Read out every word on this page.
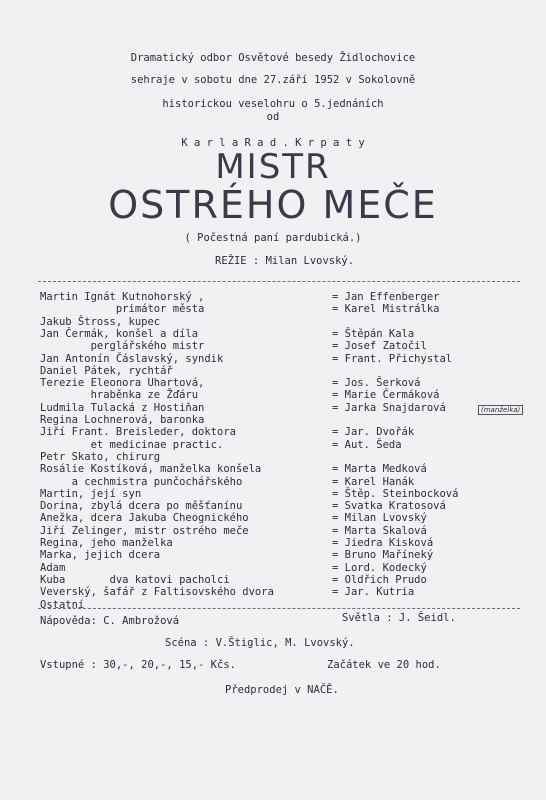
Dramatický odbor Osvětové besedy Židlochovice
sehraje v sobotu dne 27.září 1952 v Sokolovně
historickou veselohru o 5.jednáních
od
K a r l a R a d . K r p a t y
MISTR
OSTRÉHO MEČE
( Počestná paní pardubická.)
REŽIE : Milan Lvovský.
Martin Ignát Kutnohorský ,	= Jan Effenberger
primátor města	= Karel Mistrálka
Jakub Štross, kupec
Jan Čermák, konšel a díla	= Štěpán Kala
perglářského mistr	= Josef Zatočil
Jan Antonín Čáslavský, syndik	= Frant. Přichystal
Daniel Pátek, rychtář
Terezie Eleonora Uhartová,	= Jos. Šerková
hraběnka ze Žďáru	= Marie Čermáková
Ludmila Tulacká z Hostiňan	= Jarka Snajdarová
Regina Lochnerová, baronka
Jiří Frant. Breisleder, doktora	= Jar. Dvořák
et medicinae practic.	= Aut. Šeda
Petr Skato, chirurg
Rosálie Kostíková, manželka konšela	= Marta Medková
a cechmistra punčochářského	= Karel Hanák
Martin, její syn	= Štěp. Steinbocková
Dorina, zbylá dcera po měšťanínu	= Svatka Kratosová
Anežka, dcera Jakuba Cheognického	= Milan Lvovský
Jiří Zelinger, mistr ostrého meče	= Marta Skalová
Regina, jeho manželka	= Jiedra Kisková
Marka, jejich dcera	= Bruno Maříneký
Adam	= Lord. Kodecký
Kuba       dva katovi pacholci	= Oldřich Prudo
Veverský, šafář z Faltisovského dvora	= Jar. Kutria
Ostatní
(manželka)
Nápověda: C. Ambrožová	Světla : J. Šeidl.
Scéna : V.Štiglic, M. Lvovský.
Vstupné : 30,-, 20,-, 15,- Kčs.	Začátek ve 20 hod.
Předprodej v NAČĚ.
